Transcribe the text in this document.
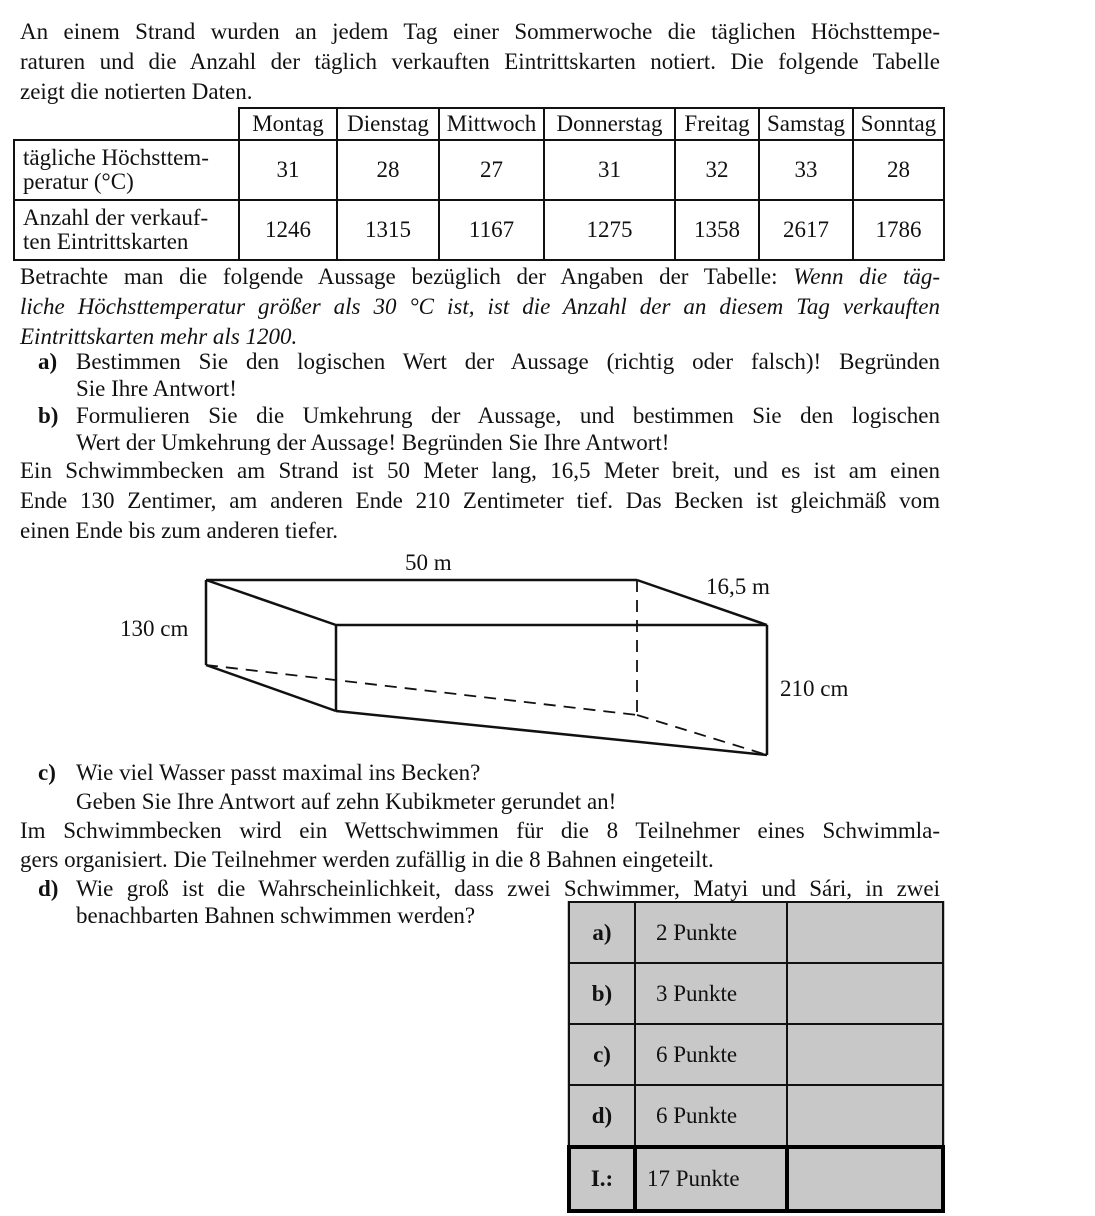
An einem Strand wurden an jedem Tag einer Sommerwoche die täglichen Höchsttempe-
raturen und die Anzahl der täglich verkauften Eintrittskarten notiert. Die folgende Tabelle
zeigt die notierten Daten.
	Montag	Dienstag	Mittwoch	Donnerstag	Freitag	Samstag	Sonntag
tägliche Höchsttem-
peratur (°C)	31	28	27	31	32	33	28
Anzahl der verkauf-
ten Eintrittskarten	1246	1315	1167	1275	1358	2617	1786
Betrachte man die folgende Aussage bezüglich der Angaben der Tabelle: Wenn die täg-
liche Höchsttemperatur größer als 30 °C ist, ist die Anzahl der an diesem Tag verkauften
Eintrittskarten mehr als 1200.
a) Bestimmen Sie den logischen Wert der Aussage (richtig oder falsch)! Begründen
Sie Ihre Antwort!
b) Formulieren Sie die Umkehrung der Aussage, und bestimmen Sie den logischen
Wert der Umkehrung der Aussage! Begründen Sie Ihre Antwort!
Ein Schwimmbecken am Strand ist 50 Meter lang, 16,5 Meter breit, und es ist am einen
Ende 130 Zentimer, am anderen Ende 210 Zentimeter tief. Das Becken ist gleichmäß vom
einen Ende bis zum anderen tiefer.
50 m
16,5 m
130 cm
210 cm
c) Wie viel Wasser passt maximal ins Becken?
Geben Sie Ihre Antwort auf zehn Kubikmeter gerundet an!
Im Schwimmbecken wird ein Wettschwimmen für die 8 Teilnehmer eines Schwimmla-
gers organisiert. Die Teilnehmer werden zufällig in die 8 Bahnen eingeteilt.
d) Wie groß ist die Wahrscheinlichkeit, dass zwei Schwimmer, Matyi und Sári, in zwei
benachbarten Bahnen schwimmen werden?
a)	2 Punkte	
b)	3 Punkte	
c)	6 Punkte	
d)	6 Punkte	
I.:	17 Punkte	
